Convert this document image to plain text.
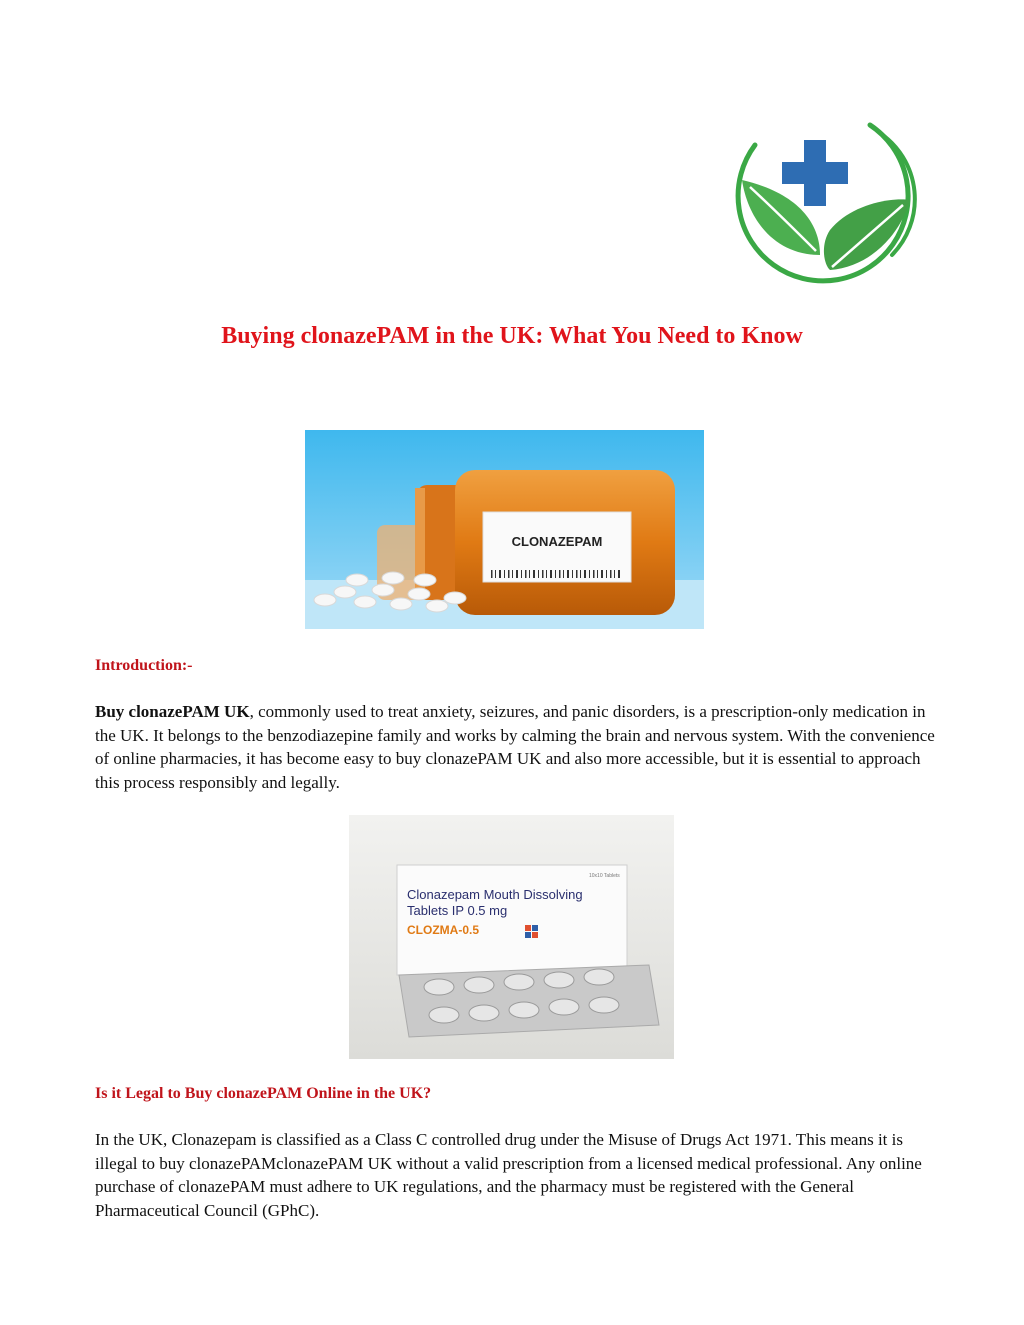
Buying clonazePAM in the UK: What You Need to Know
CLONAZEPAM
Introduction:-
Buy clonazePAM UK, commonly used to treat anxiety, seizures, and panic disorders, is a prescription-only medication in the UK. It belongs to the benzodiazepine family and works by calming the brain and nervous system. With the convenience of online pharmacies, it has become easy to buy clonazePAM UK and also more accessible, but it is essential to approach this process responsibly and legally.
10x10 Tablets
Clonazepam Mouth Dissolving
Tablets IP 0.5 mg
CLOZMA-0.5
Is it Legal to Buy clonazePAM Online in the UK?
In the UK, Clonazepam is classified as a Class C controlled drug under the Misuse of Drugs Act 1971. This means it is illegal to buy clonazePAMclonazePAM UK without a valid prescription from a licensed medical professional. Any online purchase of clonazePAM must adhere to UK regulations, and the pharmacy must be registered with the General Pharmaceutical Council (GPhC).
